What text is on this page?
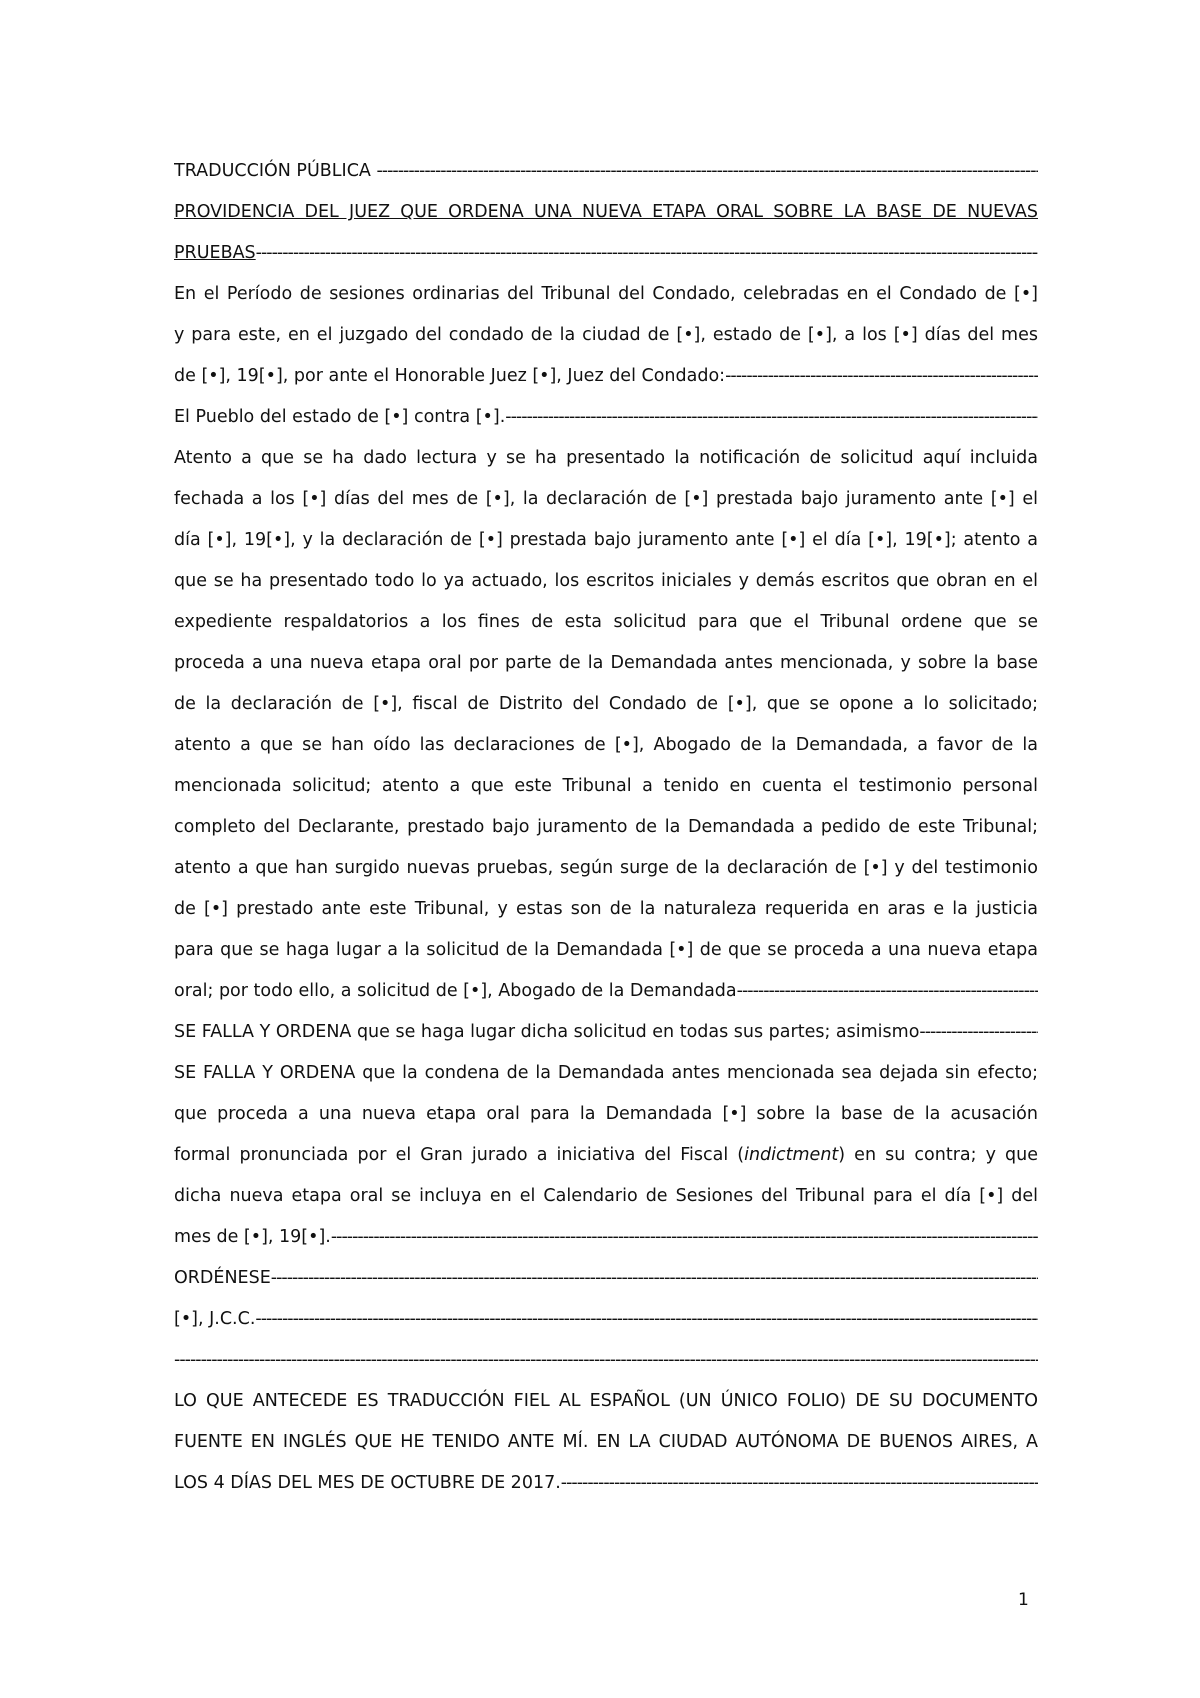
TRADUCCIÓN PÚBLICA

-----
PROVIDENCIA DEL JUEZ QUE ORDENA UNA NUEVA ETAPA ORAL SOBRE LA BASE DE NUEVAS
PRUEBAS
-----
En el Período de sesiones ordinarias del Tribunal del Condado, celebradas en el Condado de [•]
y para este, en el juzgado del condado de la ciudad de [•], estado de [•], a los [•] días del mes
de [•], 19[•], por ante el Honorable Juez [•], Juez del Condado:
-----
El Pueblo del estado de [•] contra [•].
-----
Atento a que se ha dado lectura y se ha presentado la notificación de solicitud aquí incluida
fechada a los [•] días del mes de [•], la declaración de [•] prestada bajo juramento ante [•] el
día [•], 19[•], y la declaración de [•] prestada bajo juramento ante [•] el día [•], 19[•]; atento a
que se ha presentado todo lo ya actuado, los escritos iniciales y demás escritos que obran en el
expediente respaldatorios a los fines de esta solicitud para que el Tribunal ordene que se
proceda a una nueva etapa oral por parte de la Demandada antes mencionada, y sobre la base
de la declaración de [•], fiscal de Distrito del Condado de [•], que se opone a lo solicitado;
atento a que se han oído las declaraciones de [•], Abogado de la Demandada, a favor de la
mencionada solicitud; atento a que este Tribunal a tenido en cuenta el testimonio personal
completo del Declarante, prestado bajo juramento de la Demandada a pedido de este Tribunal;
atento a que han surgido nuevas pruebas, según surge de la declaración de [•] y del testimonio
de [•] prestado ante este Tribunal, y estas son de la naturaleza requerida en aras e la justicia
para que se haga lugar a la solicitud de la Demandada [•] de que se proceda a una nueva etapa
oral; por todo ello, a solicitud de [•], Abogado de la Demandada
-----
SE FALLA Y ORDENA que se haga lugar dicha solicitud en todas sus partes; asimismo
-----
SE FALLA Y ORDENA que la condena de la Demandada antes mencionada sea dejada sin efecto;
que proceda a una nueva etapa oral para la Demandada [•] sobre la base de la acusación
formal pronunciada por el Gran jurado a iniciativa del Fiscal (indictment) en su contra; y que
dicha nueva etapa oral se incluya en el Calendario de Sesiones del Tribunal para el día [•] del
mes de [•], 19[•].
-----
ORDÉNESE
-----
[•], J.C.C.
-----
-----
LO QUE ANTECEDE ES TRADUCCIÓN FIEL AL ESPAÑOL (UN ÚNICO FOLIO) DE SU DOCUMENTO
FUENTE EN INGLÉS QUE HE TENIDO ANTE MÍ. EN LA CIUDAD AUTÓNOMA DE BUENOS AIRES, A
LOS 4 DÍAS DEL MES DE OCTUBRE DE 2017.
-----
1
